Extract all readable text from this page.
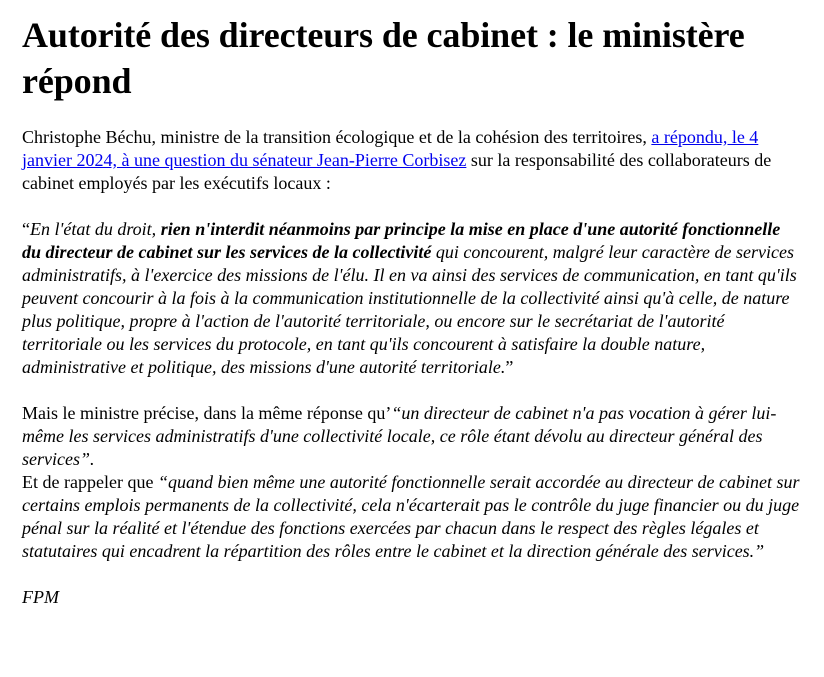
Autorité des directeurs de cabinet : le ministère répond

Christophe Béchu, ministre de la transition écologique et de la cohésion des territoires, a répondu, le 4 janvier 2024, à une question du sénateur Jean-Pierre Corbisez sur la responsabilité des collaborateurs de cabinet employés par les exécutifs locaux :

“En l'état du droit, rien n'interdit néanmoins par principe la mise en place d'une autorité fonctionnelle du directeur de cabinet sur les services de la collectivité qui concourent, malgré leur caractère de services administratifs, à l'exercice des missions de l'élu. Il en va ainsi des services de communication, en tant qu'ils peuvent concourir à la fois à la communication institutionnelle de la collectivité ainsi qu'à celle, de nature plus politique, propre à l'action de l'autorité territoriale, ou encore sur le secrétariat de l'autorité territoriale ou les services du protocole, en tant qu'ils concourent à satisfaire la double nature, administrative et politique, des missions d'une autorité territoriale.”

Mais le ministre précise, dans la même réponse qu’“un directeur de cabinet n'a pas vocation à gérer lui-même les services administratifs d'une collectivité locale, ce rôle étant dévolu au directeur général des services”.
Et de rappeler que “quand bien même une autorité fonctionnelle serait accordée au directeur de cabinet sur certains emplois permanents de la collectivité, cela n'écarterait pas le contrôle du juge financier ou du juge pénal sur la réalité et l'étendue des fonctions exercées par chacun dans le respect des règles légales et statutaires qui encadrent la répartition des rôles entre le cabinet et la direction générale des services.”

FPM
